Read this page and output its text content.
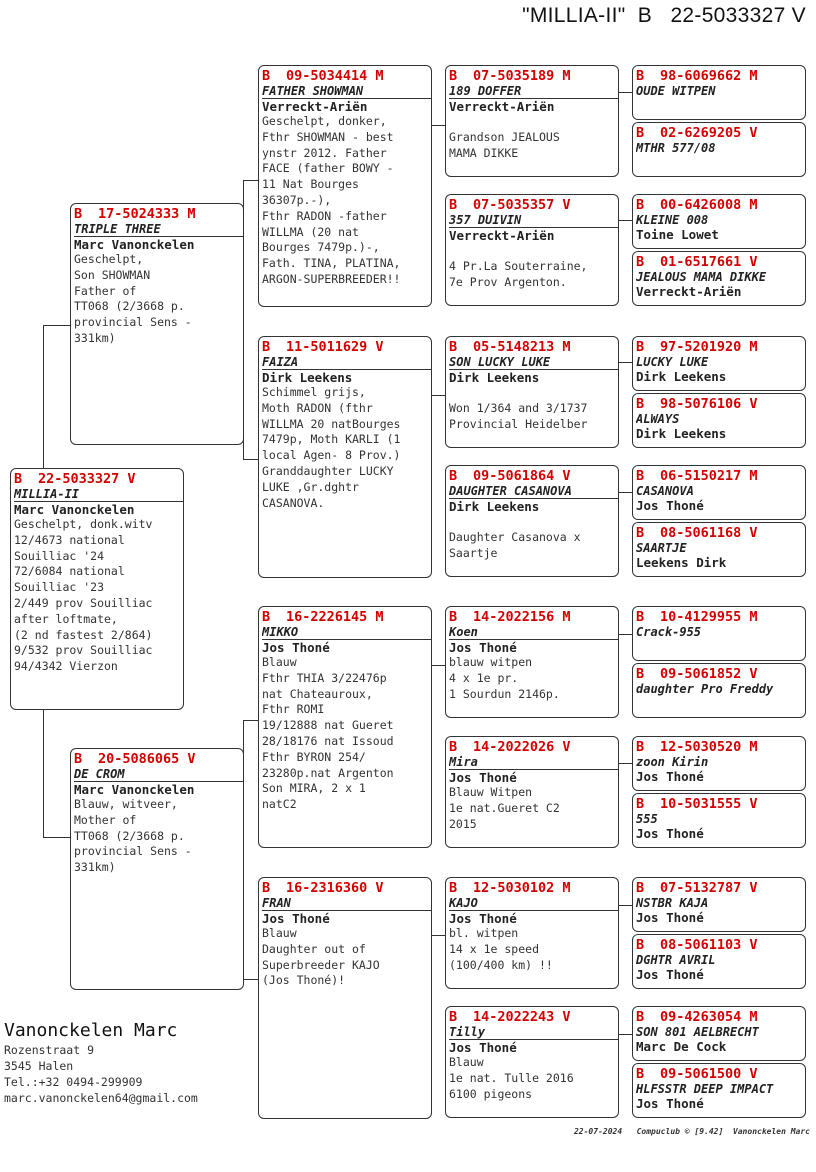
"MILLIA-II"  B   22-5033327 V
B	22-5033327 V
MILLIA-II
Marc Vanonckelen
Geschelpt, donk.witv
12/4673 national
Souilliac '24
72/6084 national
Souilliac '23
2/449 prov Souilliac
after loftmate,
(2 nd fastest 2/864)
9/532 prov Souilliac
94/4342 Vierzon
B	17-5024333 M
TRIPLE THREE
Marc Vanonckelen
Geschelpt,
Son SHOWMAN
Father of
TT068 (2/3668 p.
provincial Sens -
331km)
B	20-5086065 V
DE CROM
Marc Vanonckelen
Blauw, witveer,
Mother of
TT068 (2/3668 p.
provincial Sens -
331km)
B	09-5034414 M
FATHER SHOWMAN
Verreckt-Ariën
Geschelpt, donker,
Fthr SHOWMAN - best
ynstr 2012. Father
FACE (father BOWY -
11 Nat Bourges
36307p.-),
Fthr RADON -father
WILLMA (20 nat
Bourges 7479p.)-,
Fath. TINA, PLATINA,
ARGON-SUPERBREEDER!!
B	11-5011629 V
FAIZA
Dirk Leekens
Schimmel grijs,
Moth RADON (fthr
WILLMA 20 natBourges
7479p, Moth KARLI (1
local Agen- 8 Prov.)
Granddaughter LUCKY
LUKE ,Gr.dghtr
CASANOVA.
B	16-2226145 M
MIKKO
Jos Thoné
Blauw
Fthr THIA 3/22476p
nat Chateauroux,
Fthr ROMI
19/12888 nat Gueret
28/18176 nat Issoud
Fthr BYRON 254/
23280p.nat Argenton
Son MIRA, 2 x 1
natC2
B	16-2316360 V
FRAN
Jos Thoné
Blauw
Daughter out of
Superbreeder KAJO
(Jos Thoné)!
B	07-5035189 M
189 DOFFER
Verreckt-Ariën

Grandson JEALOUS
MAMA DIKKE
B	07-5035357 V
357 DUIVIN
Verreckt-Ariën

4 Pr.La Souterraine,
7e Prov Argenton.
B	05-5148213 M
SON LUCKY LUKE
Dirk Leekens

Won 1/364 and 3/1737
Provincial Heidelber
B	09-5061864 V
DAUGHTER CASANOVA
Dirk Leekens

Daughter Casanova x
Saartje
B	14-2022156 M
Koen
Jos Thoné
blauw witpen
4 x 1e pr.
1 Sourdun 2146p.
B	14-2022026 V
Mira
Jos Thoné
Blauw Witpen
1e nat.Gueret C2
2015
B	12-5030102 M
KAJO
Jos Thoné
bl. witpen
14 x 1e speed
(100/400 km) !!
B	14-2022243 V
Tilly
Jos Thoné
Blauw
1e nat. Tulle 2016
6100 pigeons
B	98-6069662 M
OUDE WITPEN
B	02-6269205 V
MTHR 577/08
B	00-6426008 M
KLEINE 008
Toine Lowet
B	01-6517661 V
JEALOUS MAMA DIKKE
Verreckt-Ariën
B	97-5201920 M
LUCKY LUKE
Dirk Leekens
B	98-5076106 V
ALWAYS
Dirk Leekens
B	06-5150217 M
CASANOVA
Jos Thoné
B	08-5061168 V
SAARTJE
Leekens Dirk
B	10-4129955 M
Crack-955
B	09-5061852 V
daughter Pro Freddy
B	12-5030520 M
zoon Kirin
Jos Thoné
B	10-5031555 V
555
Jos Thoné
B	07-5132787 V
NSTBR KAJA
Jos Thoné
B	08-5061103 V
DGHTR AVRIL
Jos Thoné
B	09-4263054 M
SON 801 AELBRECHT
Marc De Cock
B	09-5061500 V
HLFSSTR DEEP IMPACT
Jos Thoné
Vanonckelen Marc
Rozenstraat 9
3545 Halen
Tel.:+32 0494-299909
marc.vanonckelen64@gmail.com
22-07-2024   Compuclub © [9.42]  Vanonckelen Marc
